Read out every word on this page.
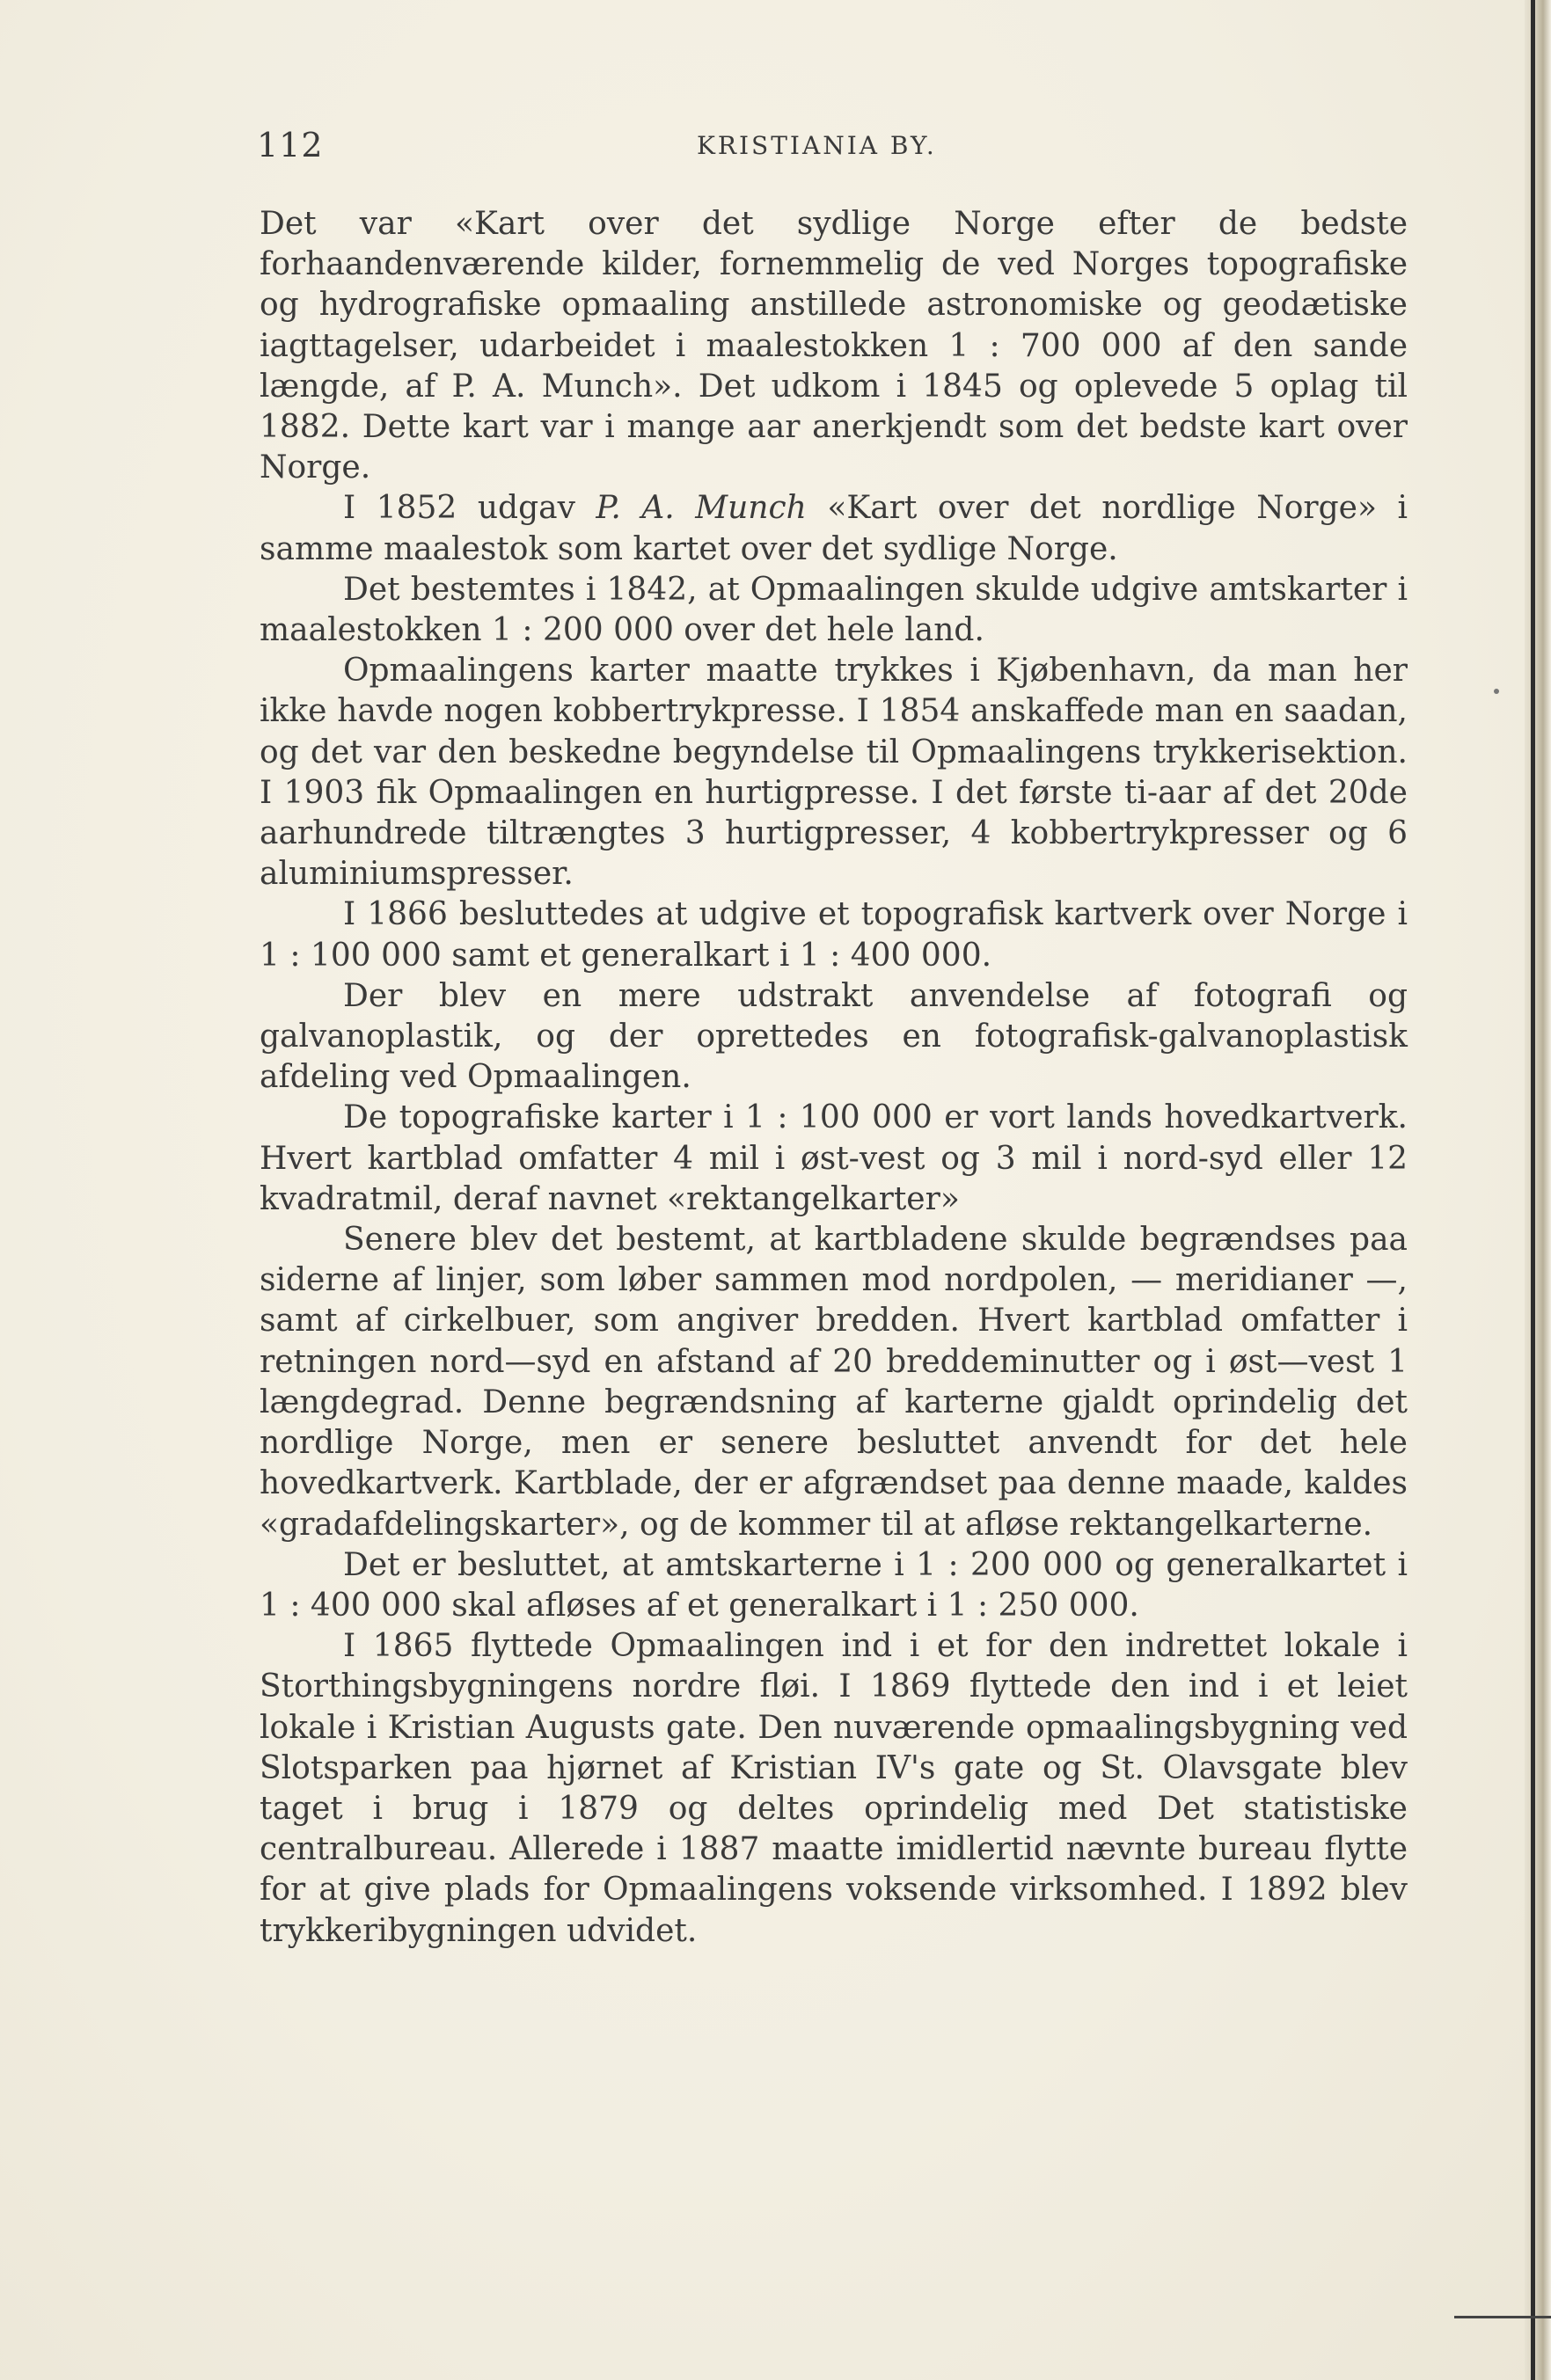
112	KRISTIANIA BY.

Det var «Kart over det sydlige Norge efter de bedste forhaandenværende kilder, fornemmelig de ved Norges topografiske og hydrografiske opmaaling anstillede astronomiske og geodætiske iagttagelser, udarbeidet i maalestokken 1 : 700 000 af den sande længde, af P. A. Munch». Det udkom i 1845 og oplevede 5 oplag til 1882. Dette kart var i mange aar anerkjendt som det bedste kart over Norge.

I 1852 udgav P. A. Munch «Kart over det nordlige Norge» i samme maalestok som kartet over det sydlige Norge.

Det bestemtes i 1842, at Opmaalingen skulde udgive amtskarter i maalestokken 1 : 200 000 over det hele land.

Opmaalingens karter maatte trykkes i Kjøbenhavn, da man her ikke havde nogen kobbertrykpresse. I 1854 anskaffede man en saadan, og det var den beskedne begyndelse til Opmaalingens trykkerisektion. I 1903 fik Opmaalingen en hurtigpresse. I det første ti-aar af det 20de aarhundrede tiltrængtes 3 hurtigpresser, 4 kobbertrykpresser og 6 aluminiumspresser.

I 1866 besluttedes at udgive et topografisk kartverk over Norge i 1 : 100 000 samt et generalkart i 1 : 400 000.

Der blev en mere udstrakt anvendelse af fotografi og galvanoplastik, og der oprettedes en fotografisk-galvanoplastisk afdeling ved Opmaalingen.

De topografiske karter i 1 : 100 000 er vort lands hovedkartverk. Hvert kartblad omfatter 4 mil i øst-vest og 3 mil i nord-syd eller 12 kvadratmil, deraf navnet «rektangelkarter»

Senere blev det bestemt, at kartbladene skulde begrændses paa siderne af linjer, som løber sammen mod nordpolen, — meridianer —, samt af cirkelbuer, som angiver bredden. Hvert kartblad omfatter i retningen nord—syd en afstand af 20 breddeminutter og i øst—vest 1 længdegrad. Denne begrændsning af karterne gjaldt oprindelig det nordlige Norge, men er senere besluttet anvendt for det hele hovedkartverk. Kartblade, der er afgrændset paa denne maade, kaldes «gradafdelingskarter», og de kommer til at afløse rektangelkarterne.

Det er besluttet, at amtskarterne i 1 : 200 000 og generalkartet i 1 : 400 000 skal afløses af et generalkart i 1 : 250 000.

I 1865 flyttede Opmaalingen ind i et for den indrettet lokale i Storthingsbygningens nordre fløi. I 1869 flyttede den ind i et leiet lokale i Kristian Augusts gate. Den nuværende opmaalingsbygning ved Slotsparken paa hjørnet af Kristian IV's gate og St. Olavsgate blev taget i brug i 1879 og deltes oprindelig med Det statistiske centralbureau. Allerede i 1887 maatte imidlertid nævnte bureau flytte for at give plads for Opmaalingens voksende virksomhed. I 1892 blev trykkeribygningen udvidet.
